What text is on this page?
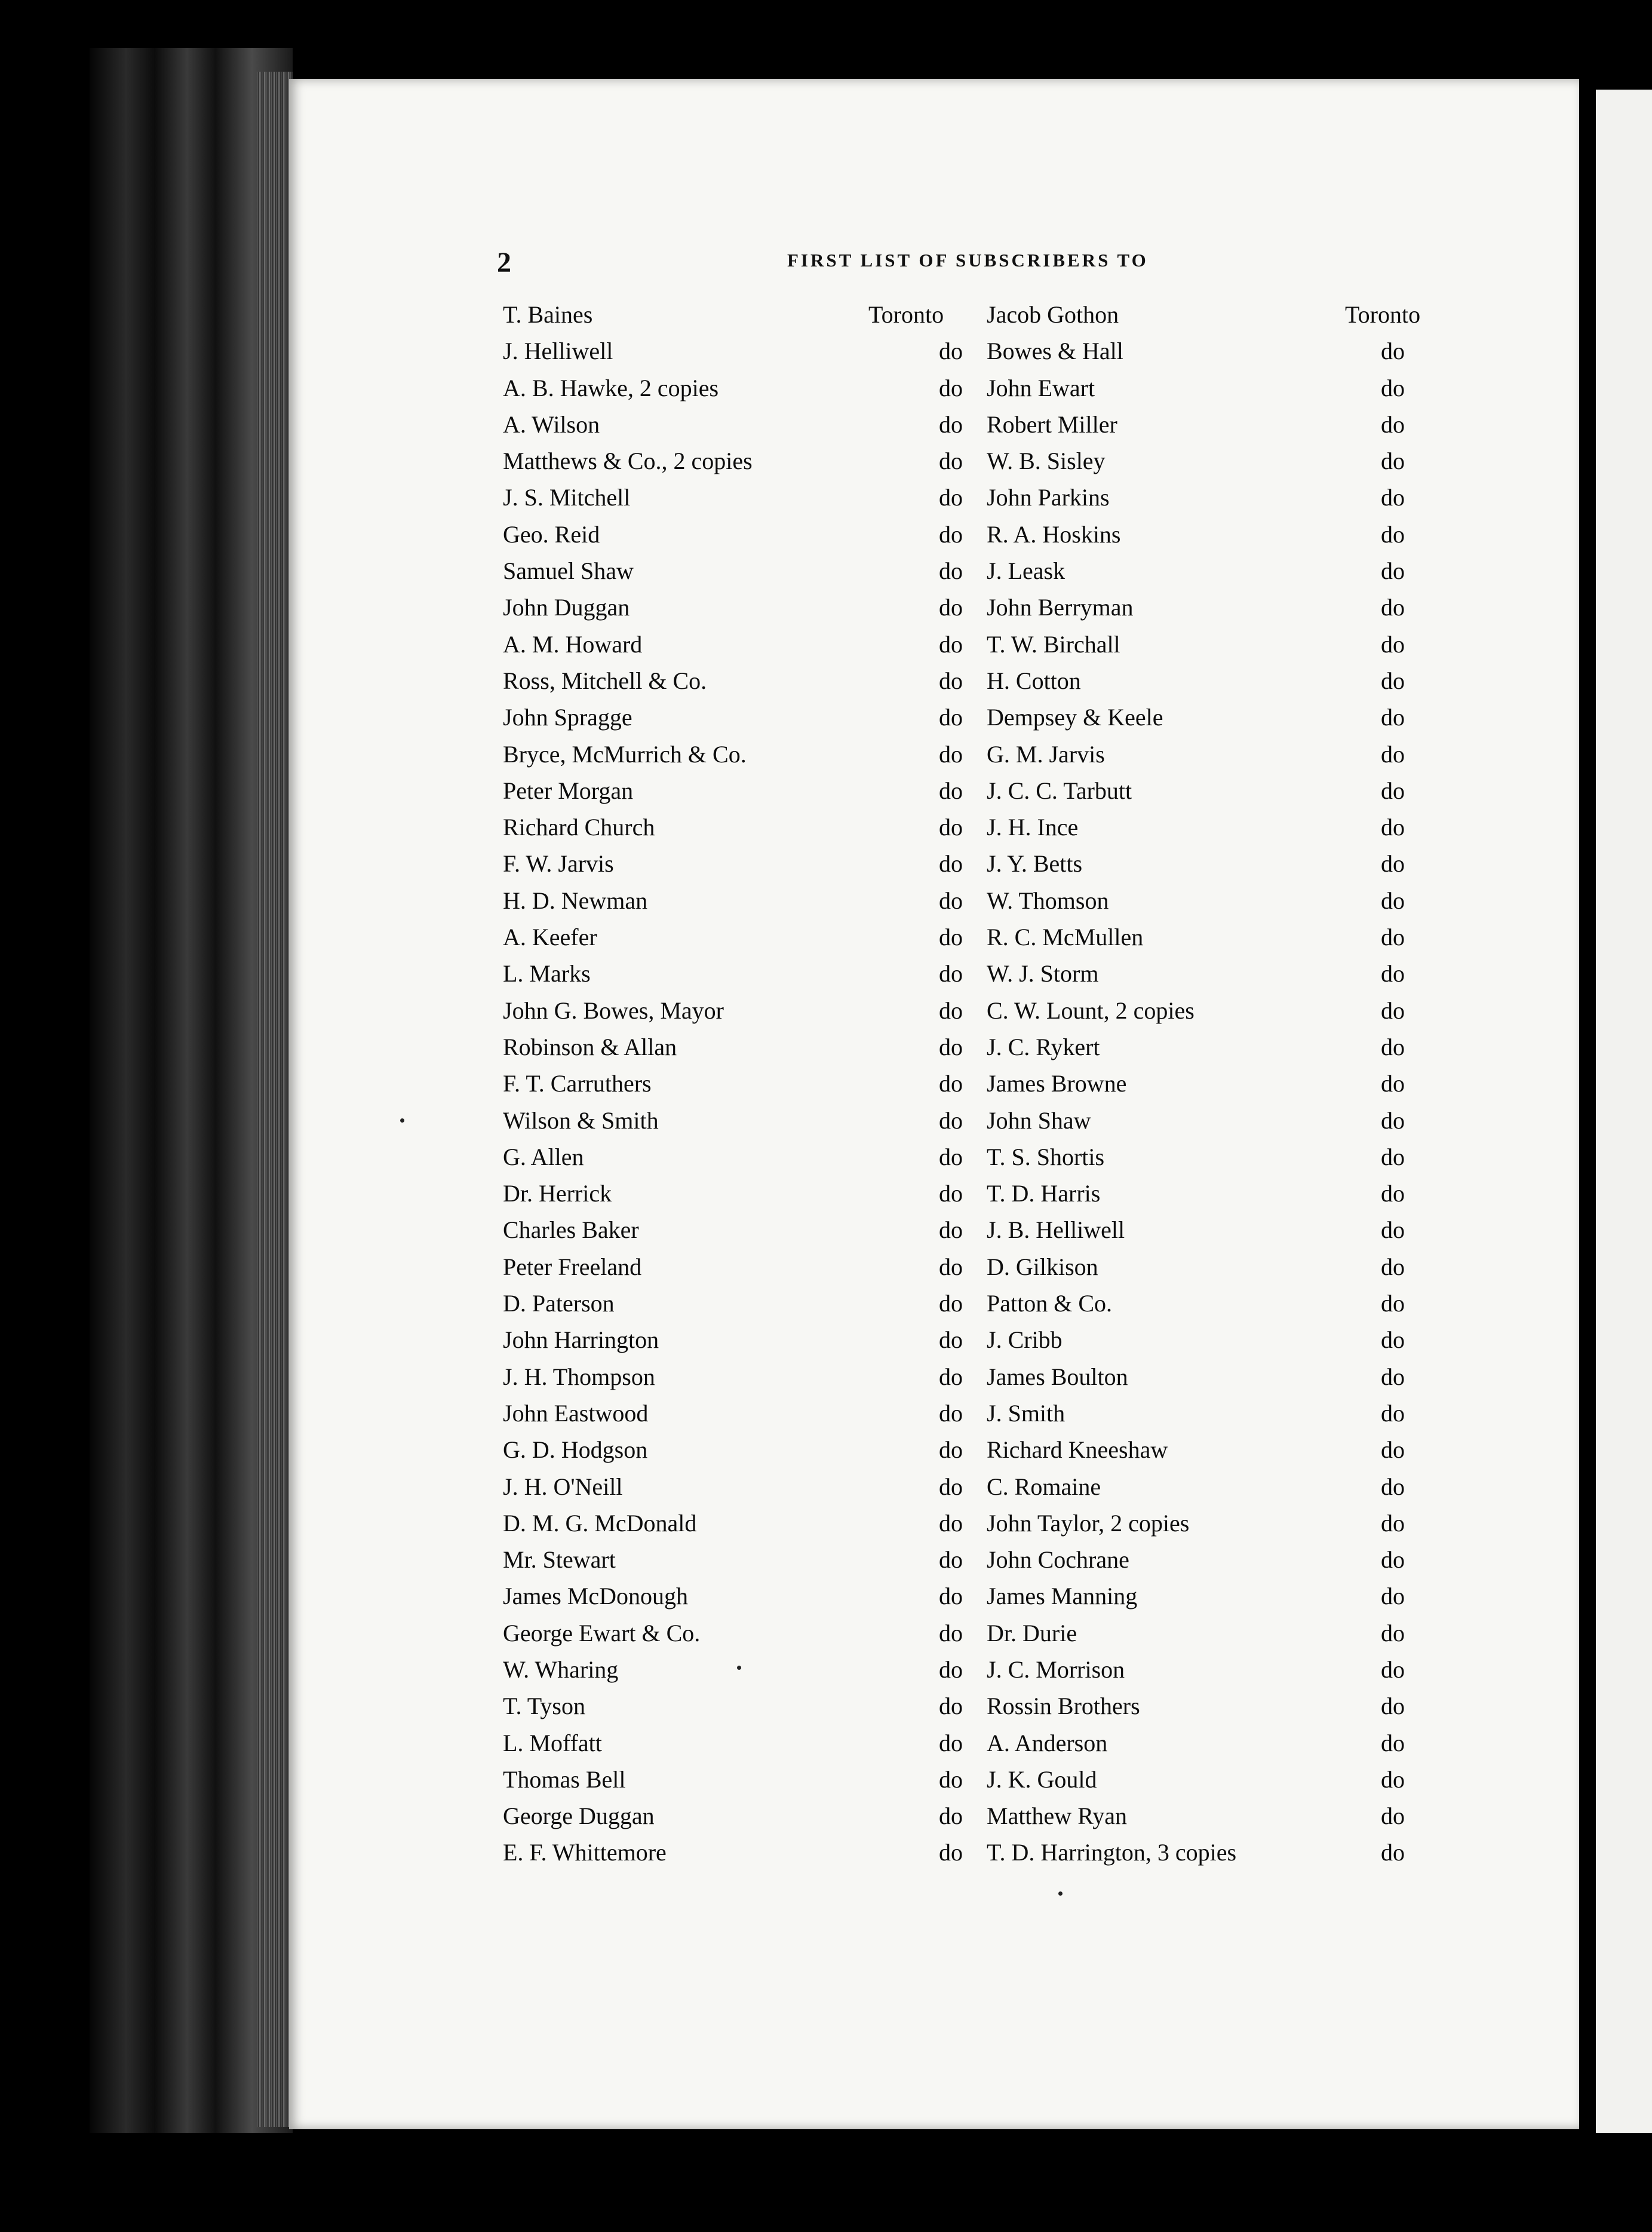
2	FIRST LIST OF SUBSCRIBERS TO
T. Baines	Toronto	Jacob Gothon	Toronto
J. Helliwell	do	Bowes & Hall	do
A. B. Hawke, 2 copies	do	John Ewart	do
A. Wilson	do	Robert Miller	do
Matthews & Co., 2 copies	do	W. B. Sisley	do
J. S. Mitchell	do	John Parkins	do
Geo. Reid	do	R. A. Hoskins	do
Samuel Shaw	do	J. Leask	do
John Duggan	do	John Berryman	do
A. M. Howard	do	T. W. Birchall	do
Ross, Mitchell & Co.	do	H. Cotton	do
John Spragge	do	Dempsey & Keele	do
Bryce, McMurrich & Co.	do	G. M. Jarvis	do
Peter Morgan	do	J. C. C. Tarbutt	do
Richard Church	do	J. H. Ince	do
F. W. Jarvis	do	J. Y. Betts	do
H. D. Newman	do	W. Thomson	do
A. Keefer	do	R. C. McMullen	do
L. Marks	do	W. J. Storm	do
John G. Bowes, Mayor	do	C. W. Lount, 2 copies	do
Robinson & Allan	do	J. C. Rykert	do
F. T. Carruthers	do	James Browne	do
Wilson & Smith	do	John Shaw	do
G. Allen	do	T. S. Shortis	do
Dr. Herrick	do	T. D. Harris	do
Charles Baker	do	J. B. Helliwell	do
Peter Freeland	do	D. Gilkison	do
D. Paterson	do	Patton & Co.	do
John Harrington	do	J. Cribb	do
J. H. Thompson	do	James Boulton	do
John Eastwood	do	J. Smith	do
G. D. Hodgson	do	Richard Kneeshaw	do
J. H. O'Neill	do	C. Romaine	do
D. M. G. McDonald	do	John Taylor, 2 copies	do
Mr. Stewart	do	John Cochrane	do
James McDonough	do	James Manning	do
George Ewart & Co.	do	Dr. Durie	do
W. Wharing	do	J. C. Morrison	do
T. Tyson	do	Rossin Brothers	do
L. Moffatt	do	A. Anderson	do
Thomas Bell	do	J. K. Gould	do
George Duggan	do	Matthew Ryan	do
E. F. Whittemore	do	T. D. Harrington, 3 copies	do
